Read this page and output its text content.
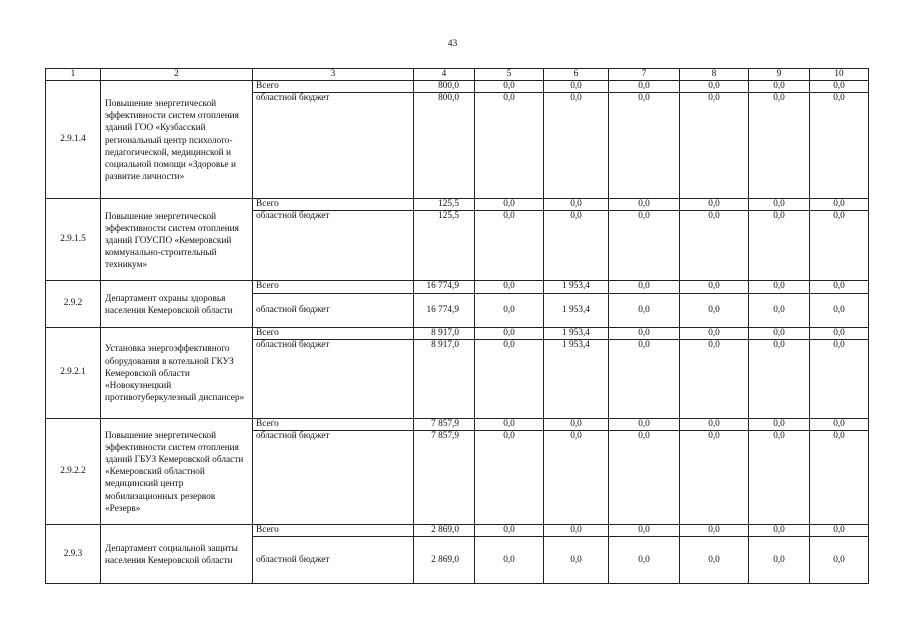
43
1	2	3	4	5	6	7	8	9	10
2.9.1.4	Повышение энергетической эффективности систем отопления зданий ГОО «Кузбасский региональный центр психолого-педагогической, медицинской и социальной помощи «Здоровье и развитие личности»	Всего	800,0	0,0	0,0	0,0	0,0	0,0	0,0
		областной бюджет	800,0	0,0	0,0	0,0	0,0	0,0	0,0
2.9.1.5	Повышение энергетической эффективности систем отопления зданий ГОУСПО «Кемеровский коммунально-строительный техникум»	Всего	125,5	0,0	0,0	0,0	0,0	0,0	0,0
		областной бюджет	125,5	0,0	0,0	0,0	0,0	0,0	0,0
2.9.2	Департамент охраны здоровья населения Кемеровской области	Всего	16 774,9	0,0	1 953,4	0,0	0,0	0,0	0,0
		областной бюджет	16 774,9	0,0	1 953,4	0,0	0,0	0,0	0,0
2.9.2.1	Установка энергоэффективного оборудования в котельной ГКУЗ Кемеровской области «Новокузнецкий противотуберкулезный диспансер»	Всего	8 917,0	0,0	1 953,4	0,0	0,0	0,0	0,0
		областной бюджет	8 917,0	0,0	1 953,4	0,0	0,0	0,0	0,0
2.9.2.2	Повышение энергетической эффективности систем отопления зданий ГБУЗ Кемеровской области «Кемеровский областной медицинский центр мобилизационных резервов «Резерв»	Всего	7 857,9	0,0	0,0	0,0	0,0	0,0	0,0
		областной бюджет	7 857,9	0,0	0,0	0,0	0,0	0,0	0,0
2.9.3	Департамент социальной защиты населения Кемеровской области	Всего	2 869,0	0,0	0,0	0,0	0,0	0,0	0,0
		областной бюджет	2 869,0	0,0	0,0	0,0	0,0	0,0	0,0
